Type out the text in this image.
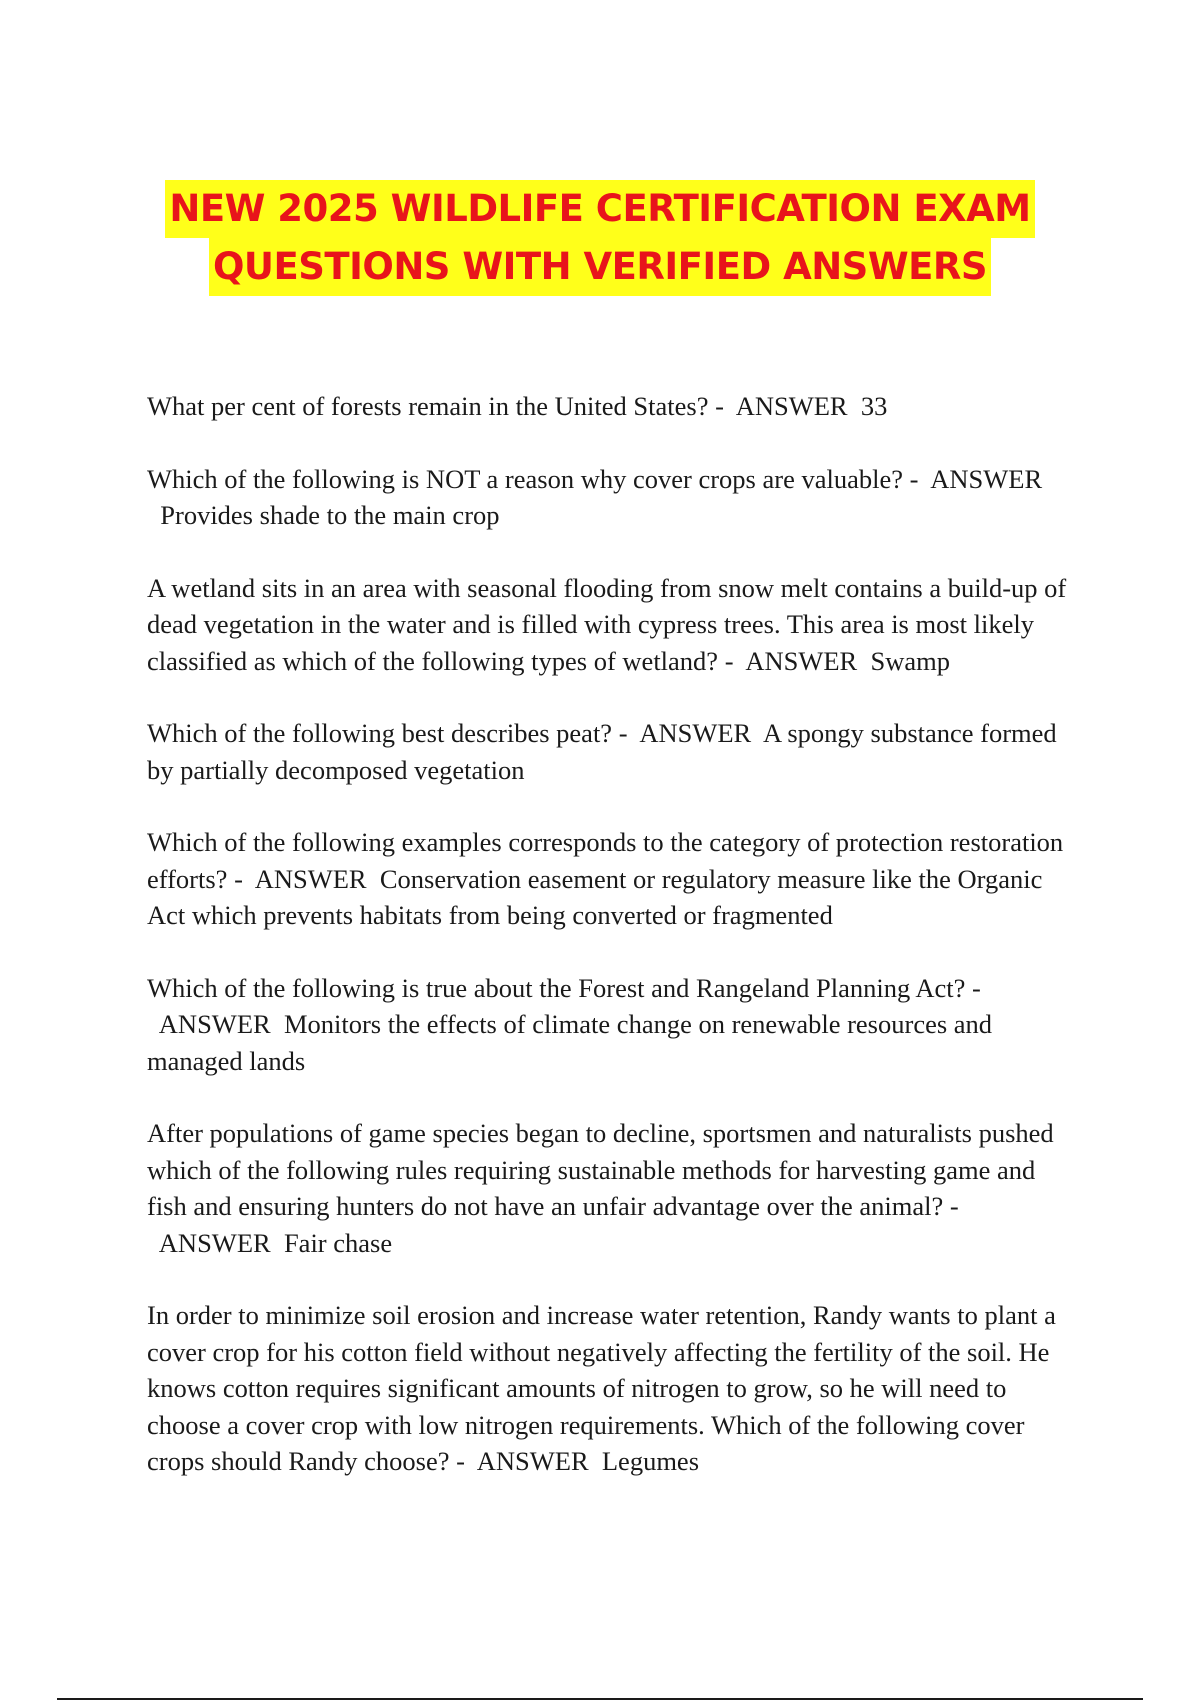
NEW 2025 WILDLIFE CERTIFICATION EXAM
QUESTIONS WITH VERIFIED ANSWERS
What per cent of forests remain in the United States? - ANSWER 33
Which of the following is NOT a reason why cover crops are valuable? - ANSWER  Provides shade to the main crop
A wetland sits in an area with seasonal flooding from snow melt contains a build-up of dead vegetation in the water and is filled with cypress trees. This area is most likely classified as which of the following types of wetland? - ANSWER Swamp
Which of the following best describes peat? - ANSWER A spongy substance formed by partially decomposed vegetation
Which of the following examples corresponds to the category of protection restoration efforts? - ANSWER Conservation easement or regulatory measure like the Organic Act which prevents habitats from being converted or fragmented
Which of the following is true about the Forest and Rangeland Planning Act? -  ANSWER Monitors the effects of climate change on renewable resources and managed lands
After populations of game species began to decline, sportsmen and naturalists pushed which of the following rules requiring sustainable methods for harvesting game and fish and ensuring hunters do not have an unfair advantage over the animal? -  ANSWER Fair chase
In order to minimize soil erosion and increase water retention, Randy wants to plant a cover crop for his cotton field without negatively affecting the fertility of the soil. He knows cotton requires significant amounts of nitrogen to grow, so he will need to choose a cover crop with low nitrogen requirements. Which of the following cover crops should Randy choose? - ANSWER Legumes
